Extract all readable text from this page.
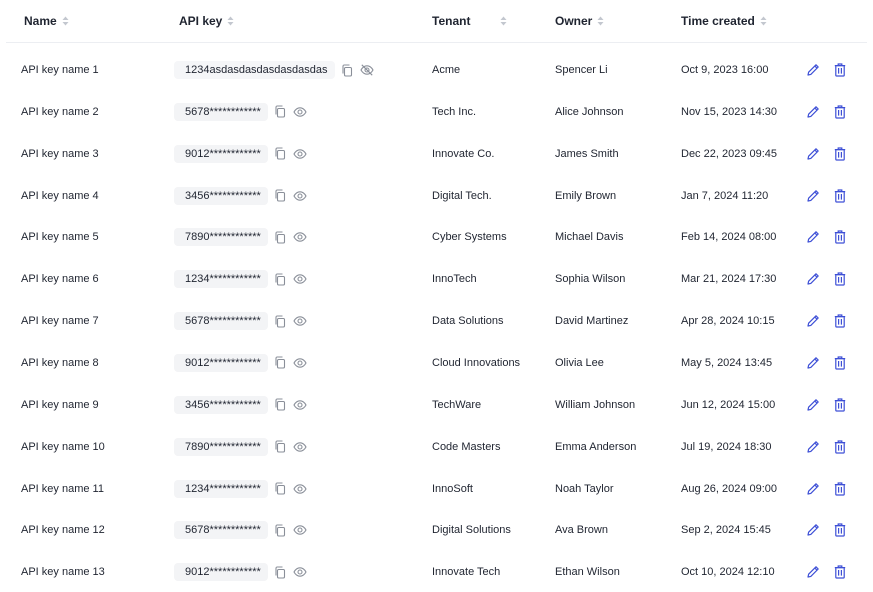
Name	API key	Tenant	Owner	Time created
API key name 1	1234asdasdasdasdasdasdas	Acme	Spencer Li	Oct 9, 2023 16:00
API key name 2	5678************	Tech Inc.	Alice Johnson	Nov 15, 2023 14:30
API key name 3	9012************	Innovate Co.	James Smith	Dec 22, 2023 09:45
API key name 4	3456************	Digital Tech.	Emily Brown	Jan 7, 2024 11:20
API key name 5	7890************	Cyber Systems	Michael Davis	Feb 14, 2024 08:00
API key name 6	1234************	InnoTech	Sophia Wilson	Mar 21, 2024 17:30
API key name 7	5678************	Data Solutions	David Martinez	Apr 28, 2024 10:15
API key name 8	9012************	Cloud Innovations	Olivia Lee	May 5, 2024 13:45
API key name 9	3456************	TechWare	William Johnson	Jun 12, 2024 15:00
API key name 10	7890************	Code Masters	Emma Anderson	Jul 19, 2024 18:30
API key name 11	1234************	InnoSoft	Noah Taylor	Aug 26, 2024 09:00
API key name 12	5678************	Digital Solutions	Ava Brown	Sep 2, 2024 15:45
API key name 13	9012************	Innovate Tech	Ethan Wilson	Oct 10, 2024 12:10
